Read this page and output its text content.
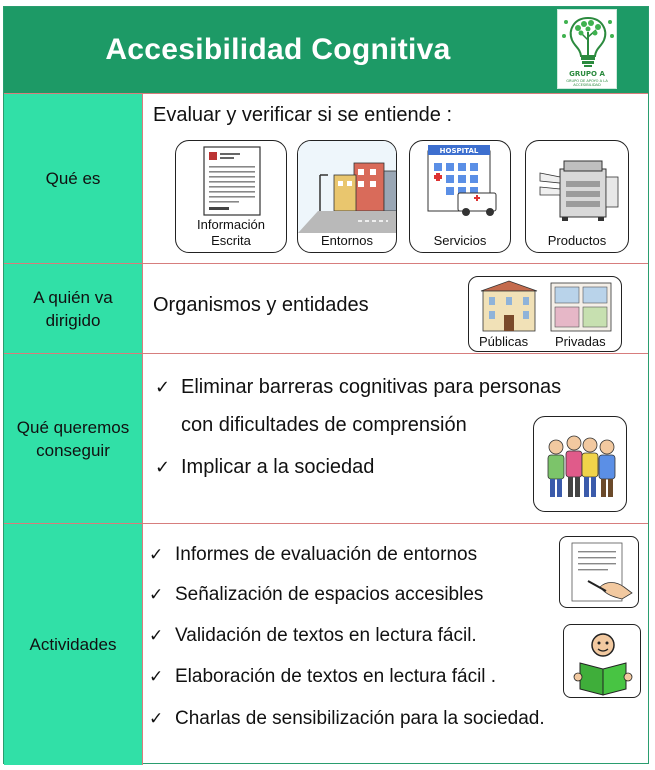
Accesibilidad Cognitiva
GRUPO A
GRUPO DE APOYO A LA ACCESIBILIDAD
Qué es
Evaluar y verificar si se entiende :
Información Escrita	Entornos
HOSPITAL
Servicios	Productos
A quién va dirigido
Organismos y entidades
Públicas Privadas
Qué queremos conseguir
✓ Eliminar barreras cognitivas para personas
con dificultades de comprensión
✓ Implicar a la sociedad
Actividades
✓ Informes de evaluación de entornos
✓ Señalización de espacios accesibles
✓ Validación de textos en lectura fácil.
✓ Elaboración de textos en lectura fácil .
✓ Charlas de sensibilización para la sociedad.
